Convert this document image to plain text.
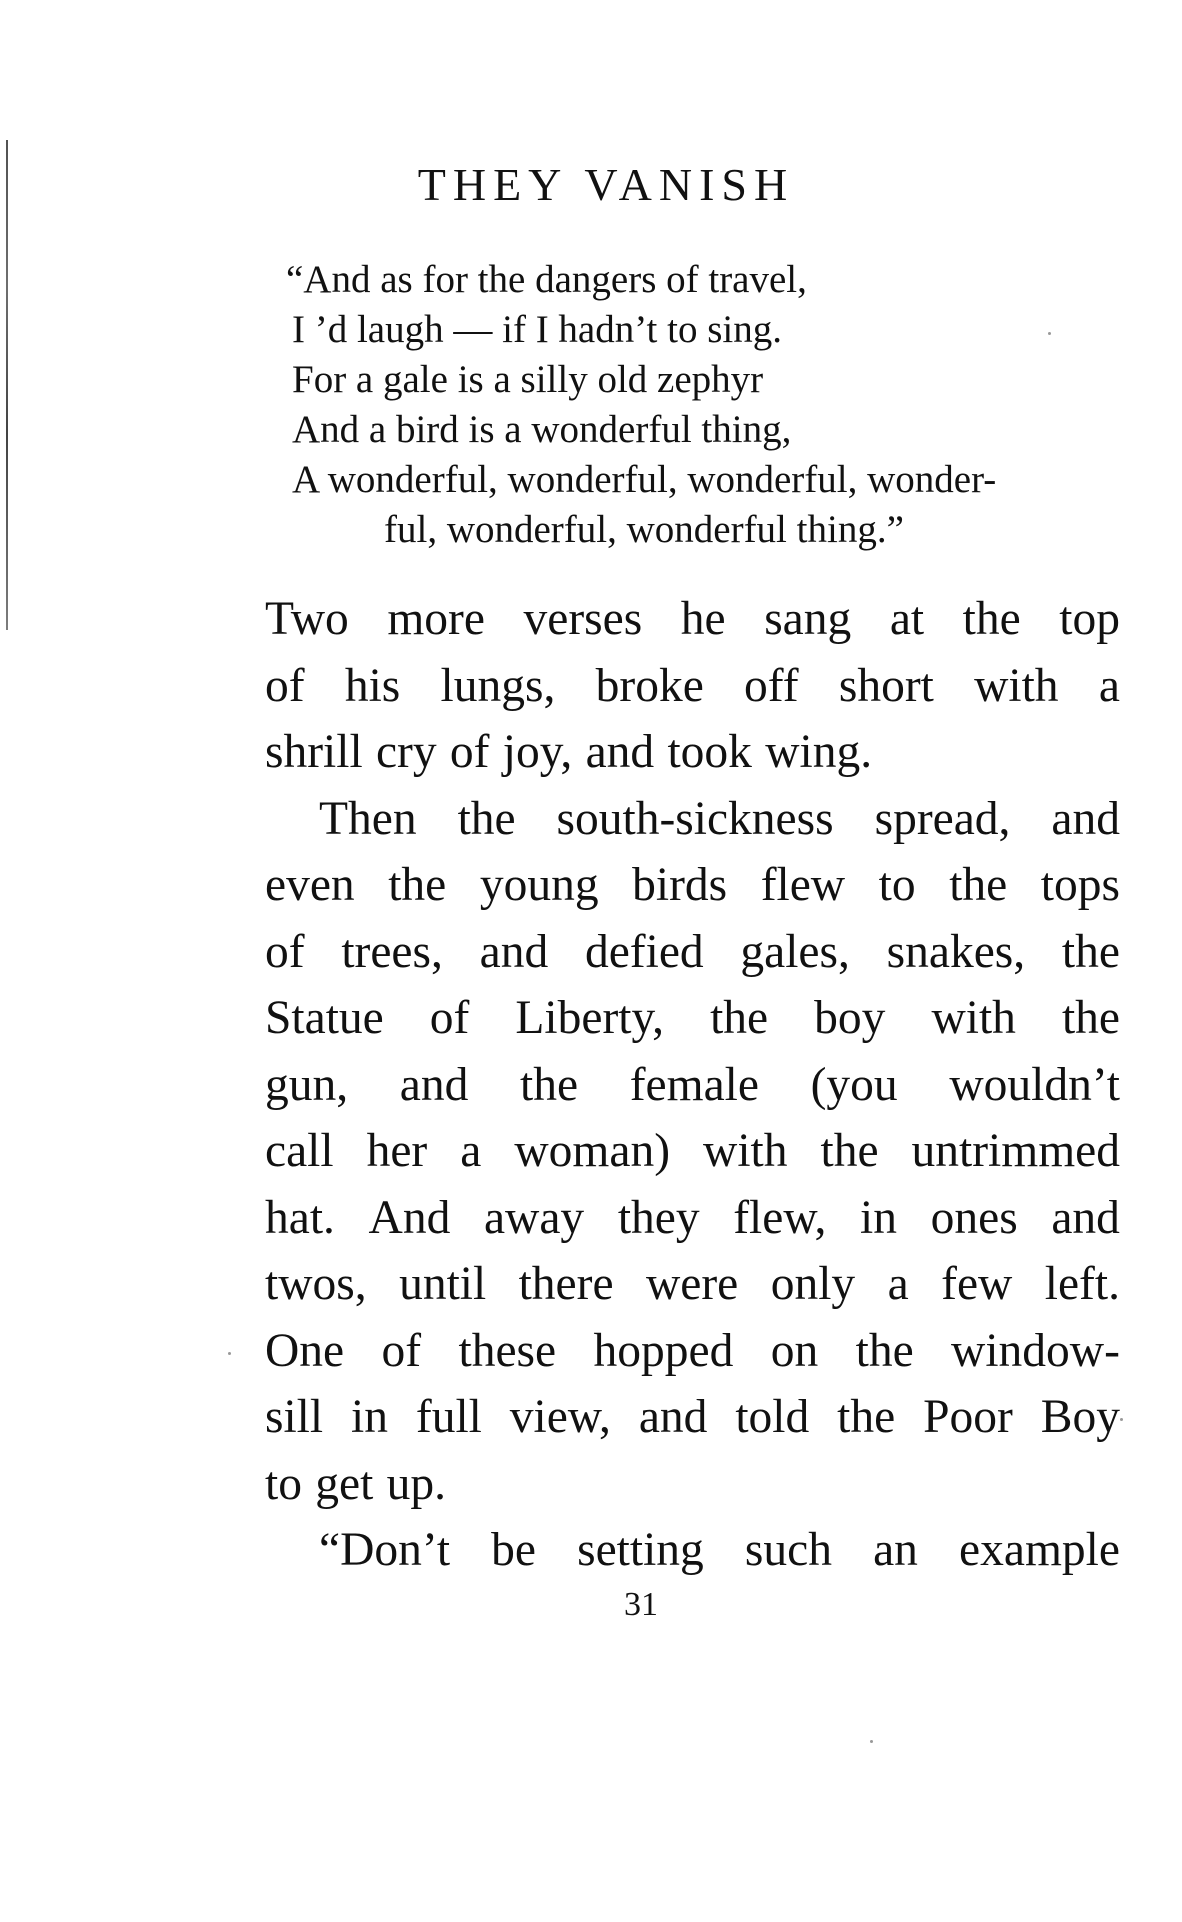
THEY VANISH

“And as for the dangers of travel,

I ’d laugh — if I hadn’t to sing.

For a gale is a silly old zephyr

And a bird is a wonderful thing,

A wonderful, wonderful, wonderful, wonder-

ful, wonderful, wonderful thing.”

Two more verses he sang at the top
of his lungs, broke off short with a
shrill cry of joy, and took wing.
Then the south-sickness spread, and
even the young birds flew to the tops
of trees, and defied gales, snakes, the
Statue of Liberty, the boy with the
gun, and the female (you wouldn’t
call her a woman) with the untrimmed
hat. And away they flew, in ones and
twos, until there were only a few left.
One of these hopped on the window-
sill in full view, and told the Poor Boy
to get up.
“Don’t be setting such an example
31
